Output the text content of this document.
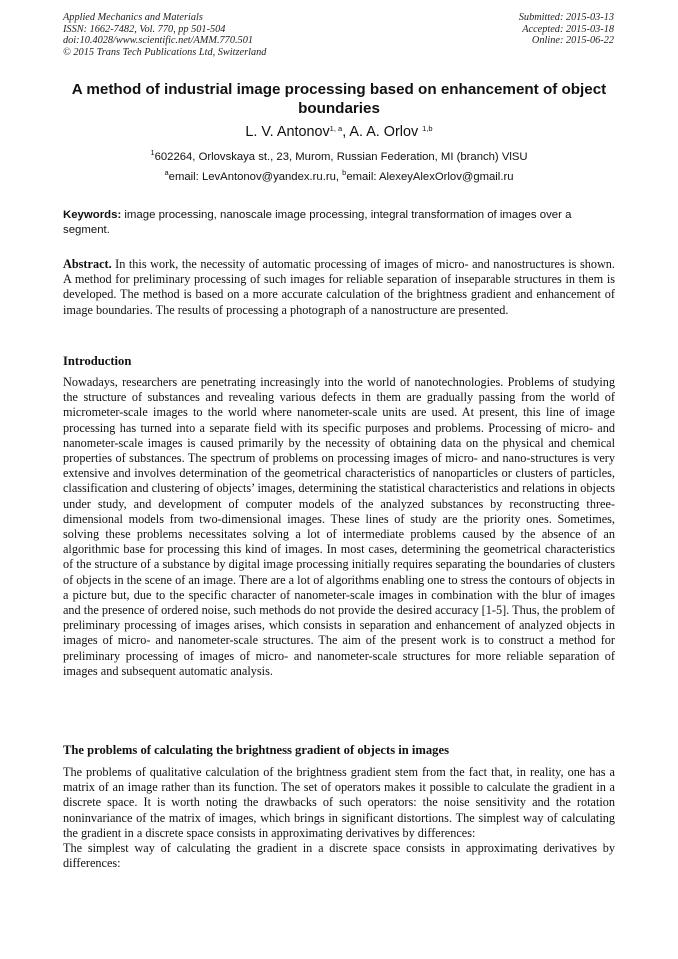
Applied Mechanics and Materials
ISSN: 1662-7482, Vol. 770, pp 501-504
doi:10.4028/www.scientific.net/AMM.770.501
© 2015 Trans Tech Publications Ltd, Switzerland
Submitted: 2015-03-13
Accepted: 2015-03-18
Online: 2015-06-22
A method of industrial image processing based on enhancement of object boundaries
L. V. Antonov$^{1, a}$, A. A. Orlov $^{1,b}$
$^1$602264, Orlovskaya st., 23, Murom, Russian Federation, MI (branch) VlSU
$^a$email: LevAntonov@yandex.ru.ru, $^b$email: AlexeyAlexOrlov@gmail.ru
Keywords: image processing, nanoscale image processing, integral transformation of images over a segment.
Abstract. In this work, the necessity of automatic processing of images of micro- and nanostructures is shown. A method for preliminary processing of such images for reliable separation of inseparable structures in them is developed. The method is based on a more accurate calculation of the brightness gradient and enhancement of image boundaries. The results of processing a photograph of a nanostructure are presented.
Introduction

Nowadays, researchers are penetrating increasingly into the world of nanotechnologies. Problems of studying the structure of substances and revealing various defects in them are gradually passing from the world of micrometer-scale images to the world where nanometer-scale units are used. At present, this line of image processing has turned into a separate field with its specific purposes and problems. Processing of micro- and nanometer-scale images is caused primarily by the necessity of obtaining data on the physical and chemical properties of substances. The spectrum of problems on processing images of micro- and nano-structures is very extensive and involves determination of the geometrical characteristics of nanoparticles or clusters of particles, classification and clustering of objects’ images, determining the statistical characteristics and relations in objects under study, and development of computer models of the analyzed substances by reconstructing three-dimensional models from two-dimensional images. These lines of study are the priority ones. Sometimes, solving these problems necessitates solving a lot of intermediate problems caused by the absence of an algorithmic base for processing this kind of images. In most cases, determining the geometrical characteristics of the structure of a substance by digital image processing initially requires separating the boundaries of clusters of objects in the scene of an image. There are a lot of algorithms enabling one to stress the contours of objects in a picture but, due to the specific character of nanometer-scale images in combination with the blur of images and the presence of ordered noise, such methods do not provide the desired accuracy [1-5]. Thus, the problem of preliminary processing of images arises, which consists in separation and enhancement of analyzed objects in images of micro- and nanometer-scale structures. The aim of the present work is to construct a method for preliminary processing of images of micro- and nanometer-scale structures for more reliable separation of images and subsequent automatic analysis.

The problems of calculating the brightness gradient of objects in images

The problems of qualitative calculation of the brightness gradient stem from the fact that, in reality, one has a matrix of an image rather than its function. The set of operators makes it possible to calculate the gradient in a discrete space. It is worth noting the drawbacks of such operators: the noise sensitivity and the rotation noninvariance of the matrix of images, which brings in significant distortions. The simplest way of calculating the gradient in a discrete space consists in approximating derivatives by differences:

The simplest way of calculating the gradient in a discrete space consists in approximating derivatives by differences:
